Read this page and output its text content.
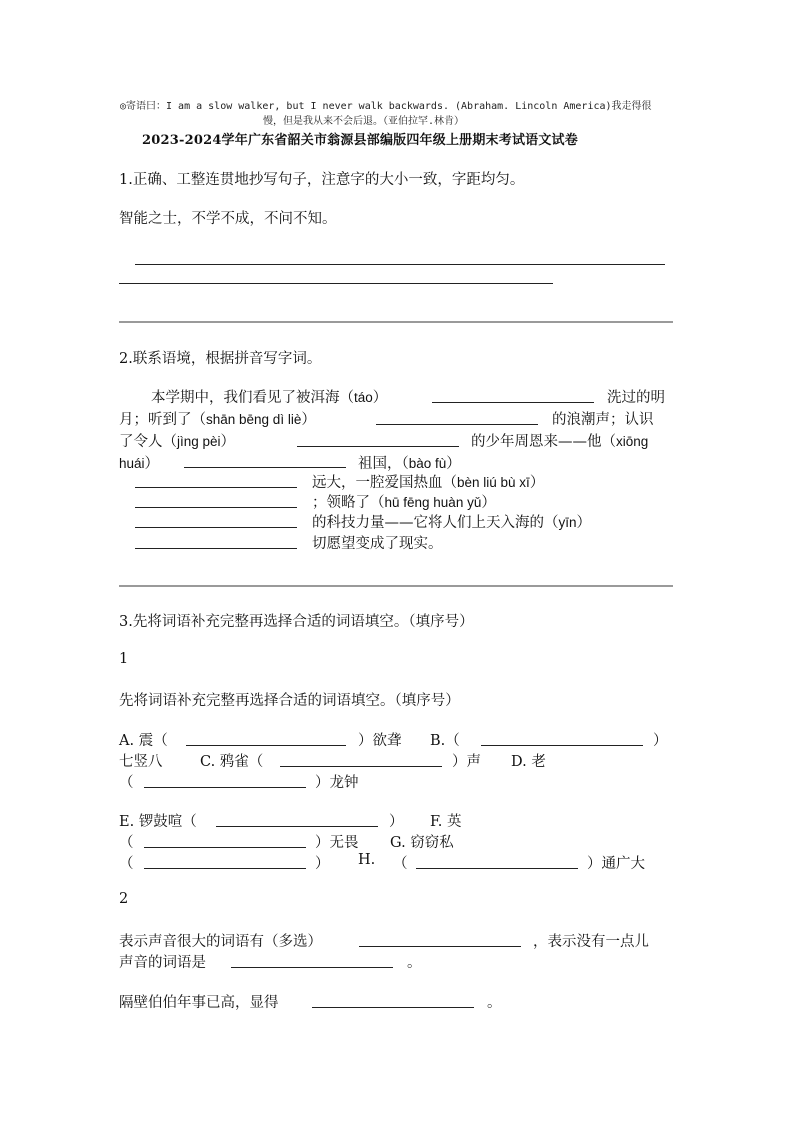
◎寄语曰：I am a slow walker, but I never walk backwards. (Abraham. Lincoln America)我走得很
慢，但是我从来不会后退。（亚伯拉罕.林肯）
2023-2024学年广东省韶关市翁源县部编版四年级上册期末考试语文试卷
1.正确、工整连贯地抄写句子，注意字的大小一致，字距均匀。
智能之士，不学不成，不问不知。
2.联系语境，根据拼音写字词。
本学期中，我们看见了被洱海（táo）	洗过的明
月；听到了（shān bēng dì liè）	的浪潮声；认识
了令人（jìng pèi）	的少年周恩来——他（xiōng
huái）	祖国，（bào fù）
远大，一腔爱国热血（bèn liú bù xī）
；领略了（hū fēng huàn yǔ）
的科技力量——它将人们上天入海的（yīn）
切愿望变成了现实。
3.先将词语补充完整再选择合适的词语填空。（填序号）
1
先将词语补充完整再选择合适的词语填空。（填序号）
A. 震（	）欲聋 B.（	）
七竖八	C. 鸦雀（	）声 D. 老
（	）龙钟
E. 锣鼓喧（	） F. 英
（	）无畏 G. 窃窃私
（	） H. （	）通广大
2
表示声音很大的词语有（多选）	，表示没有一点儿
声音的词语是	。
隔壁伯伯年事已高，显得	。
